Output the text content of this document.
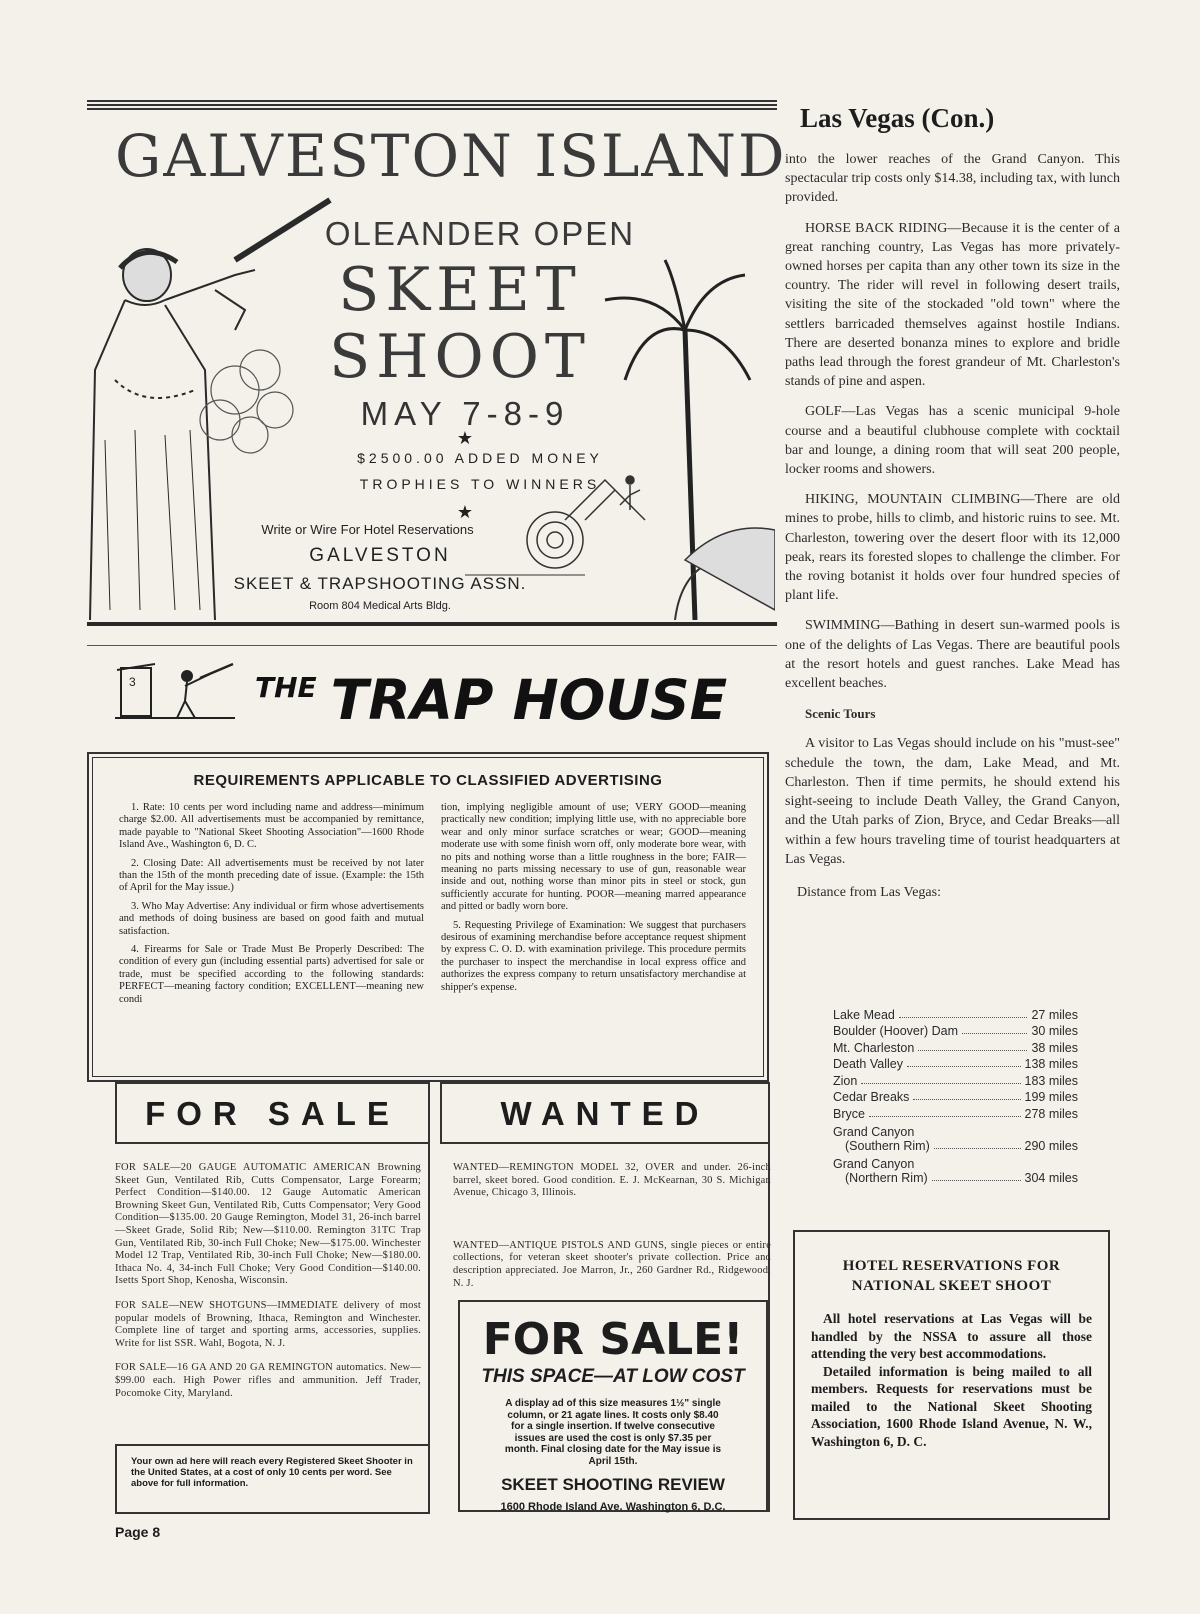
GALVESTON ISLAND
OLEANDER OPEN
SKEET
SHOOT
MAY 7-8-9
★
$2500.00 ADDED MONEY
TROPHIES TO WINNERS
★
Write or Wire For Hotel Reservations
GALVESTON
SKEET & TRAPSHOOTING ASSN.
Room 804 Medical Arts Bldg.
3	$^{THE}$ TRAP HOUSE
REQUIREMENTS APPLICABLE TO CLASSIFIED ADVERTISING

1. Rate: 10 cents per word including name and address—minimum charge $2.00. All advertisements must be accompanied by remittance, made payable to "National Skeet Shooting Association"—1600 Rhode Island Ave., Washington 6, D. C.

2. Closing Date: All advertisements must be received by not later than the 15th of the month preceding date of issue. (Example: the 15th of April for the May issue.)

3. Who May Advertise: Any individual or firm whose advertisements and methods of doing business are based on good faith and mutual satisfaction.

4. Firearms for Sale or Trade Must Be Properly Described: The condition of every gun (including essential parts) advertised for sale or trade, must be specified according to the following standards: PERFECT—meaning factory condition; EXCELLENT—meaning new condi

tion, implying negligible amount of use; VERY GOOD—meaning practically new condition; implying little use, with no appreciable bore wear and only minor surface scratches or wear; GOOD—meaning moderate use with some finish worn off, only moderate bore wear, with no pits and nothing worse than a little roughness in the bore; FAIR—meaning no parts missing necessary to use of gun, reasonable wear inside and out, nothing worse than minor pits in steel or stock, gun sufficiently accurate for hunting. POOR—meaning marred appearance and pitted or badly worn bore.

5. Requesting Privilege of Examination: We suggest that purchasers desirous of examining merchandise before acceptance request shipment by express C. O. D. with examination privilege. This procedure permits the purchaser to inspect the merchandise in local express office and authorizes the express company to return unsatisfactory merchandise at shipper's expense.

FOR SALE

FOR SALE—20 GAUGE AUTOMATIC AMERICAN Browning Skeet Gun, Ventilated Rib, Cutts Compensator, Large Forearm; Perfect Condition—$140.00. 12 Gauge Automatic American Browning Skeet Gun, Ventilated Rib, Cutts Compensator; Very Good Condition—$135.00. 20 Gauge Remington, Model 31, 26-inch barrel—Skeet Grade, Solid Rib; New—$110.00. Remington 31TC Trap Gun, Ventilated Rib, 30-inch Full Choke; New—$175.00. Winchester Model 12 Trap, Ventilated Rib, 30-inch Full Choke; New—$180.00. Ithaca No. 4, 34-inch Full Choke; Very Good Condition—$140.00. Isetts Sport Shop, Kenosha, Wisconsin.

FOR SALE—NEW SHOTGUNS—IMMEDIATE delivery of most popular models of Browning, Ithaca, Remington and Winchester. Complete line of target and sporting arms, accessories, supplies. Write for list SSR. Wahl, Bogota, N. J.

FOR SALE—16 GA AND 20 GA REMINGTON automatics. New—$99.00 each. High Power rifles and ammunition. Jeff Trader, Pocomoke City, Maryland.

Your own ad here will reach every Registered Skeet Shooter in the United States, at a cost of only 10 cents per word. See above for full information.
WANTED

WANTED—REMINGTON MODEL 32, OVER and under. 26-inch barrel, skeet bored. Good condition. E. J. McKearnan, 30 S. Michigan Avenue, Chicago 3, Illinois.

WANTED—ANTIQUE PISTOLS AND GUNS, single pieces or entire collections, for veteran skeet shooter's private collection. Price and description appreciated. Joe Marron, Jr., 260 Gardner Rd., Ridgewood, N. J.

FOR SALE!
THIS SPACE—AT LOW COST
A display ad of this size measures 1½" single column, or 21 agate lines. It costs only $8.40 for a single insertion. If twelve consecutive issues are used the cost is only $7.35 per month. Final closing date for the May issue is April 15th.
SKEET SHOOTING REVIEW
1600 Rhode Island Ave. Washington 6, D.C.
Page 8
Las Vegas (Con.)

into the lower reaches of the Grand Canyon. This spectacular trip costs only $14.38, including tax, with lunch provided.

HORSE BACK RIDING—Because it is the center of a great ranching country, Las Vegas has more privately-owned horses per capita than any other town its size in the country. The rider will revel in following desert trails, visiting the site of the stockaded "old town" where the settlers barricaded themselves against hostile Indians. There are deserted bonanza mines to explore and bridle paths lead through the forest grandeur of Mt. Charleston's stands of pine and aspen.

GOLF—Las Vegas has a scenic municipal 9-hole course and a beautiful clubhouse complete with cocktail bar and lounge, a dining room that will seat 200 people, locker rooms and showers.

HIKING, MOUNTAIN CLIMBING—There are old mines to probe, hills to climb, and historic ruins to see. Mt. Charleston, towering over the desert floor with its 12,000 peak, rears its forested slopes to challenge the climber. For the roving botanist it holds over four hundred species of plant life.

SWIMMING—Bathing in desert sun-warmed pools is one of the delights of Las Vegas. There are beautiful pools at the resort hotels and guest ranches. Lake Mead has excellent beaches.

Scenic Tours

A visitor to Las Vegas should include on his "must-see" schedule the town, the dam, Lake Mead, and Mt. Charleston. Then if time permits, he should extend his sight-seeing to include Death Valley, the Grand Canyon, and the Utah parks of Zion, Bryce, and Cedar Breaks—all within a few hours traveling time of tourist headquarters at Las Vegas.

Distance from Las Vegas:

Lake Mead	27 miles
Boulder (Hoover) Dam	30 miles
Mt. Charleston	38 miles
Death Valley	138 miles
Zion	183 miles
Cedar Breaks	199 miles
Bryce	278 miles
Grand Canyon
(Southern Rim)	290 miles
Grand Canyon
(Northern Rim)	304 miles
HOTEL RESERVATIONS FOR NATIONAL SKEET SHOOT

All hotel reservations at Las Vegas will be handled by the NSSA to assure all those attending the very best accommodations.

Detailed information is being mailed to all members. Requests for reservations must be mailed to the National Skeet Shooting Association, 1600 Rhode Island Avenue, N. W., Washington 6, D. C.
